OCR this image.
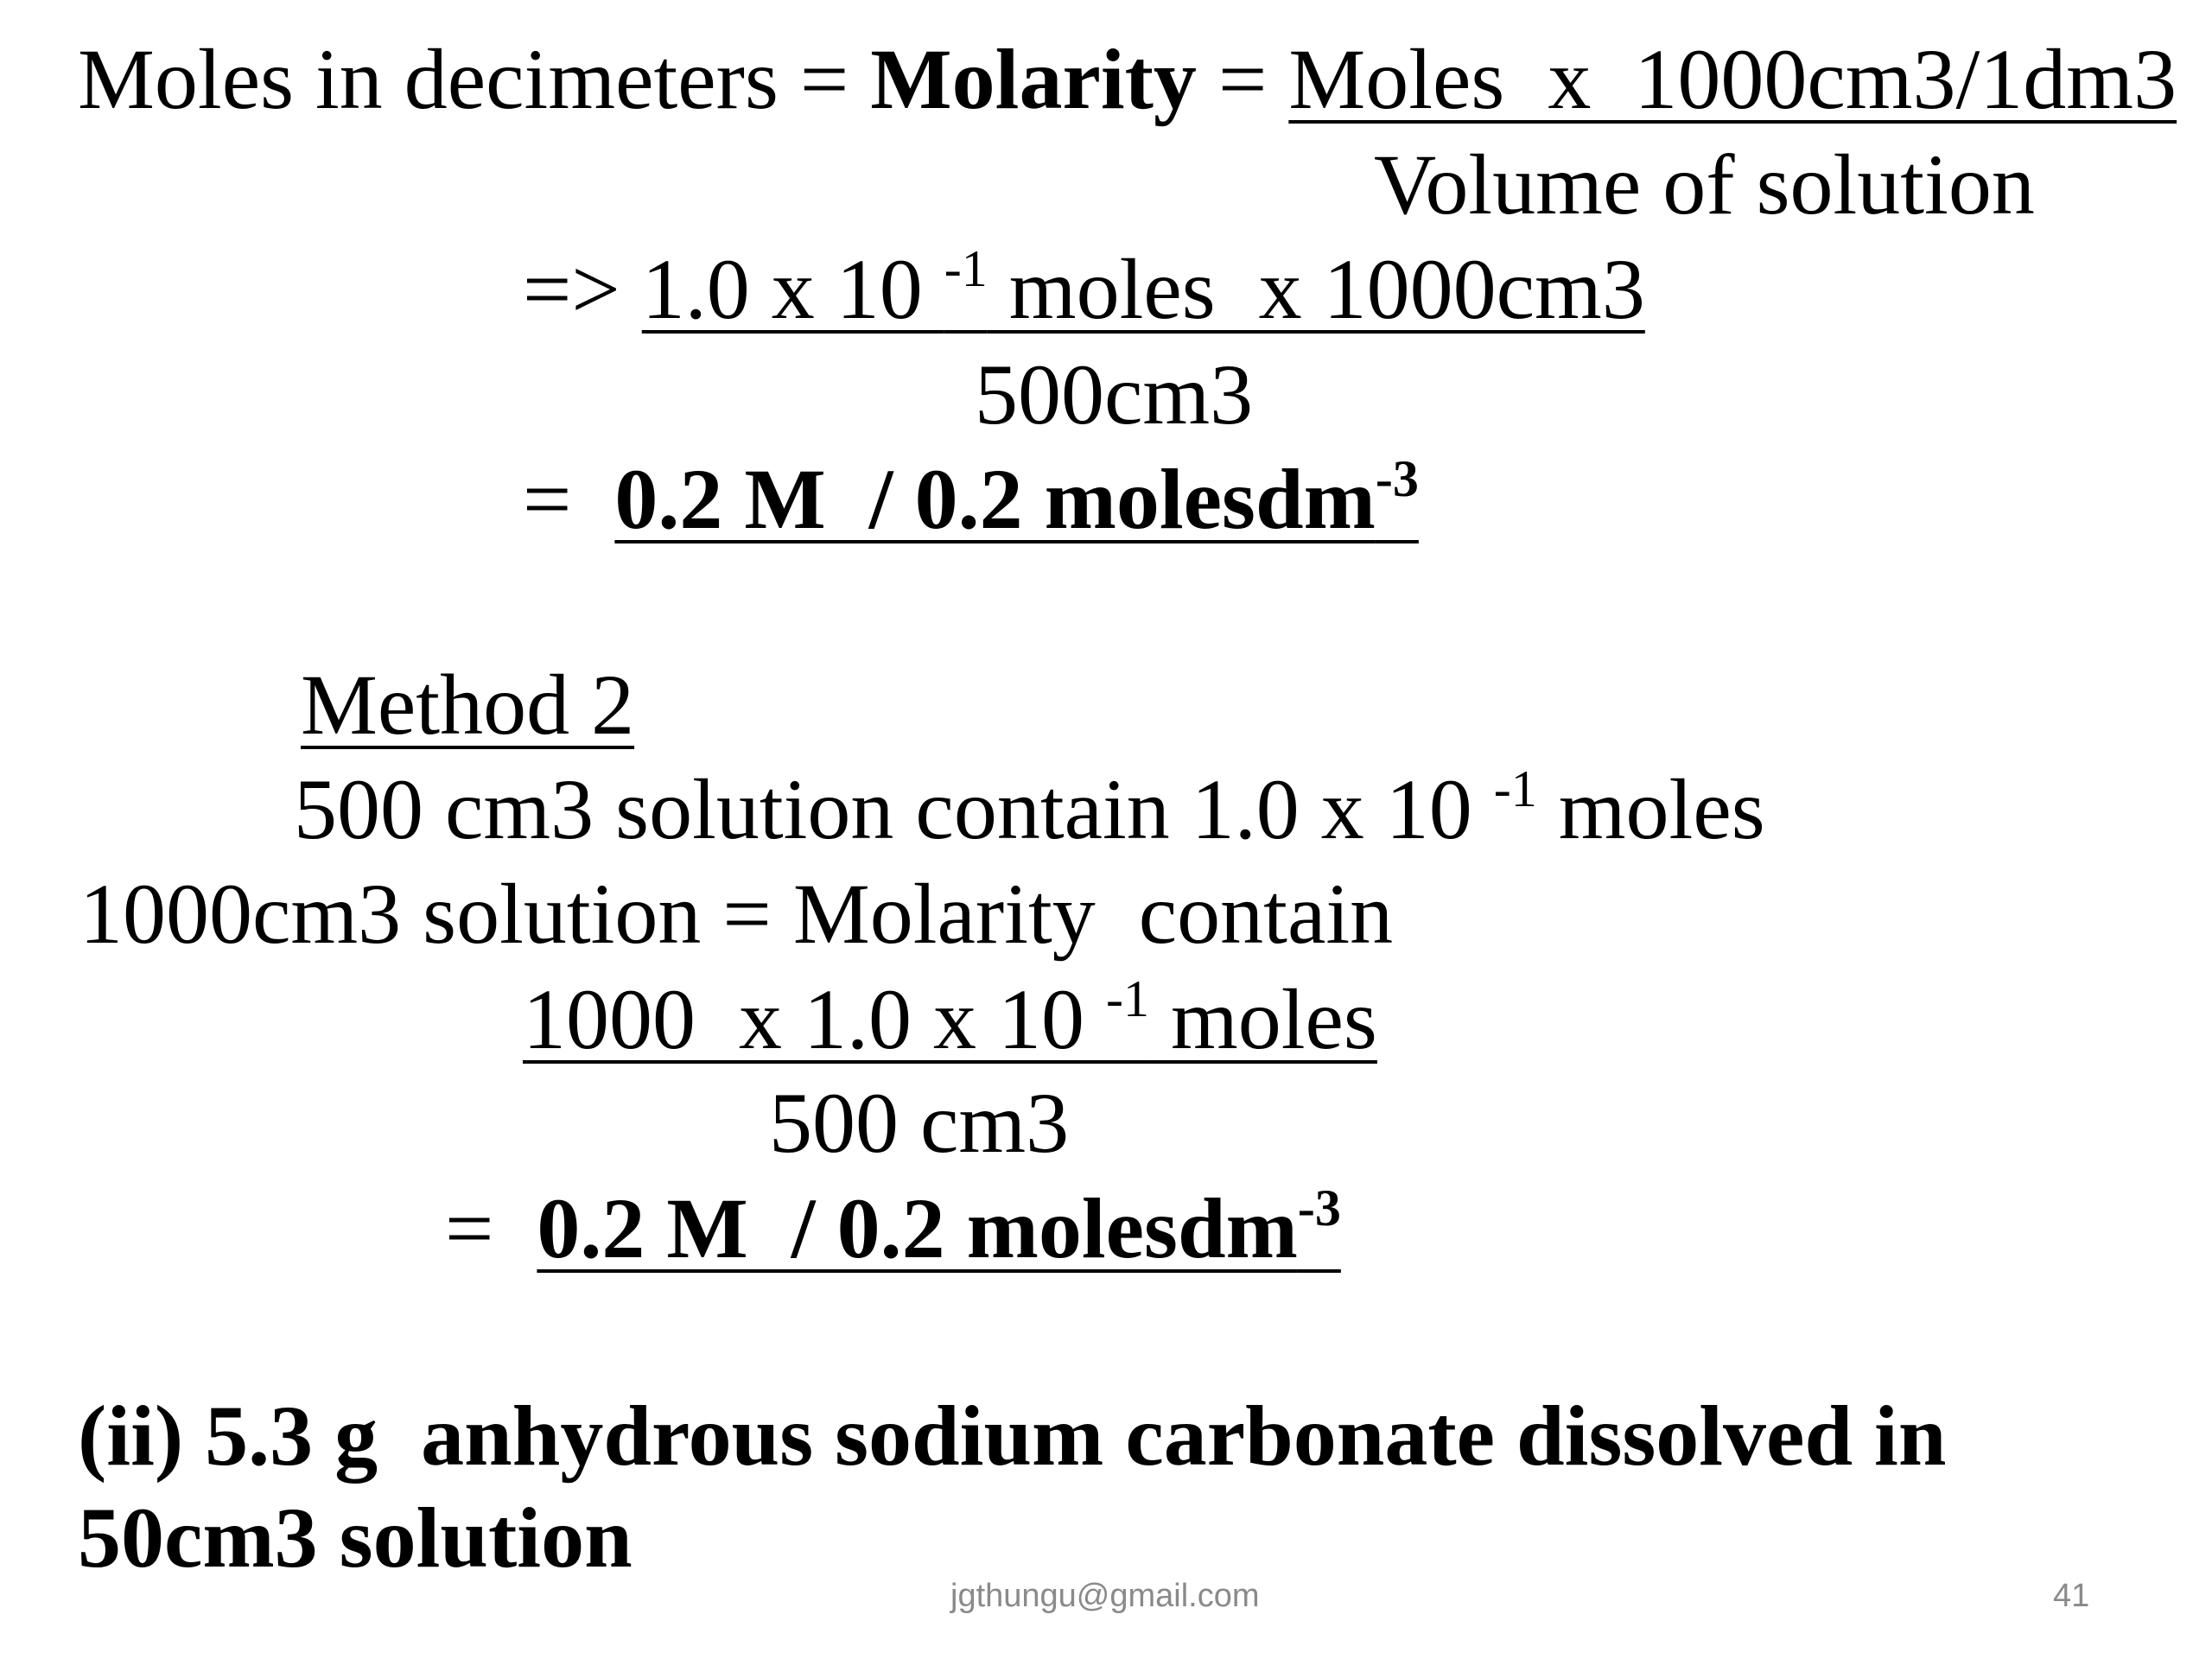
Moles in decimeters = Molarity = Moles  x  1000cm3/1dm3
Volume of solution
=> 1.0 x 10 $^{-1}$ moles  x 1000cm3
500cm3
=  0.2 M  / 0.2 molesdm$^{-3}$
Method 2
500 cm3 solution contain 1.0 x 10 $^{-1}$ moles
1000cm3 solution = Molarity  contain
1000  x 1.0 x 10 $^{-1}$ moles
500 cm3
=  0.2 M  / 0.2 molesdm$^{-3}$
(ii) 5.3 g  anhydrous sodium carbonate dissolved in
50cm3 solution
jgthungu@gmail.com	41
